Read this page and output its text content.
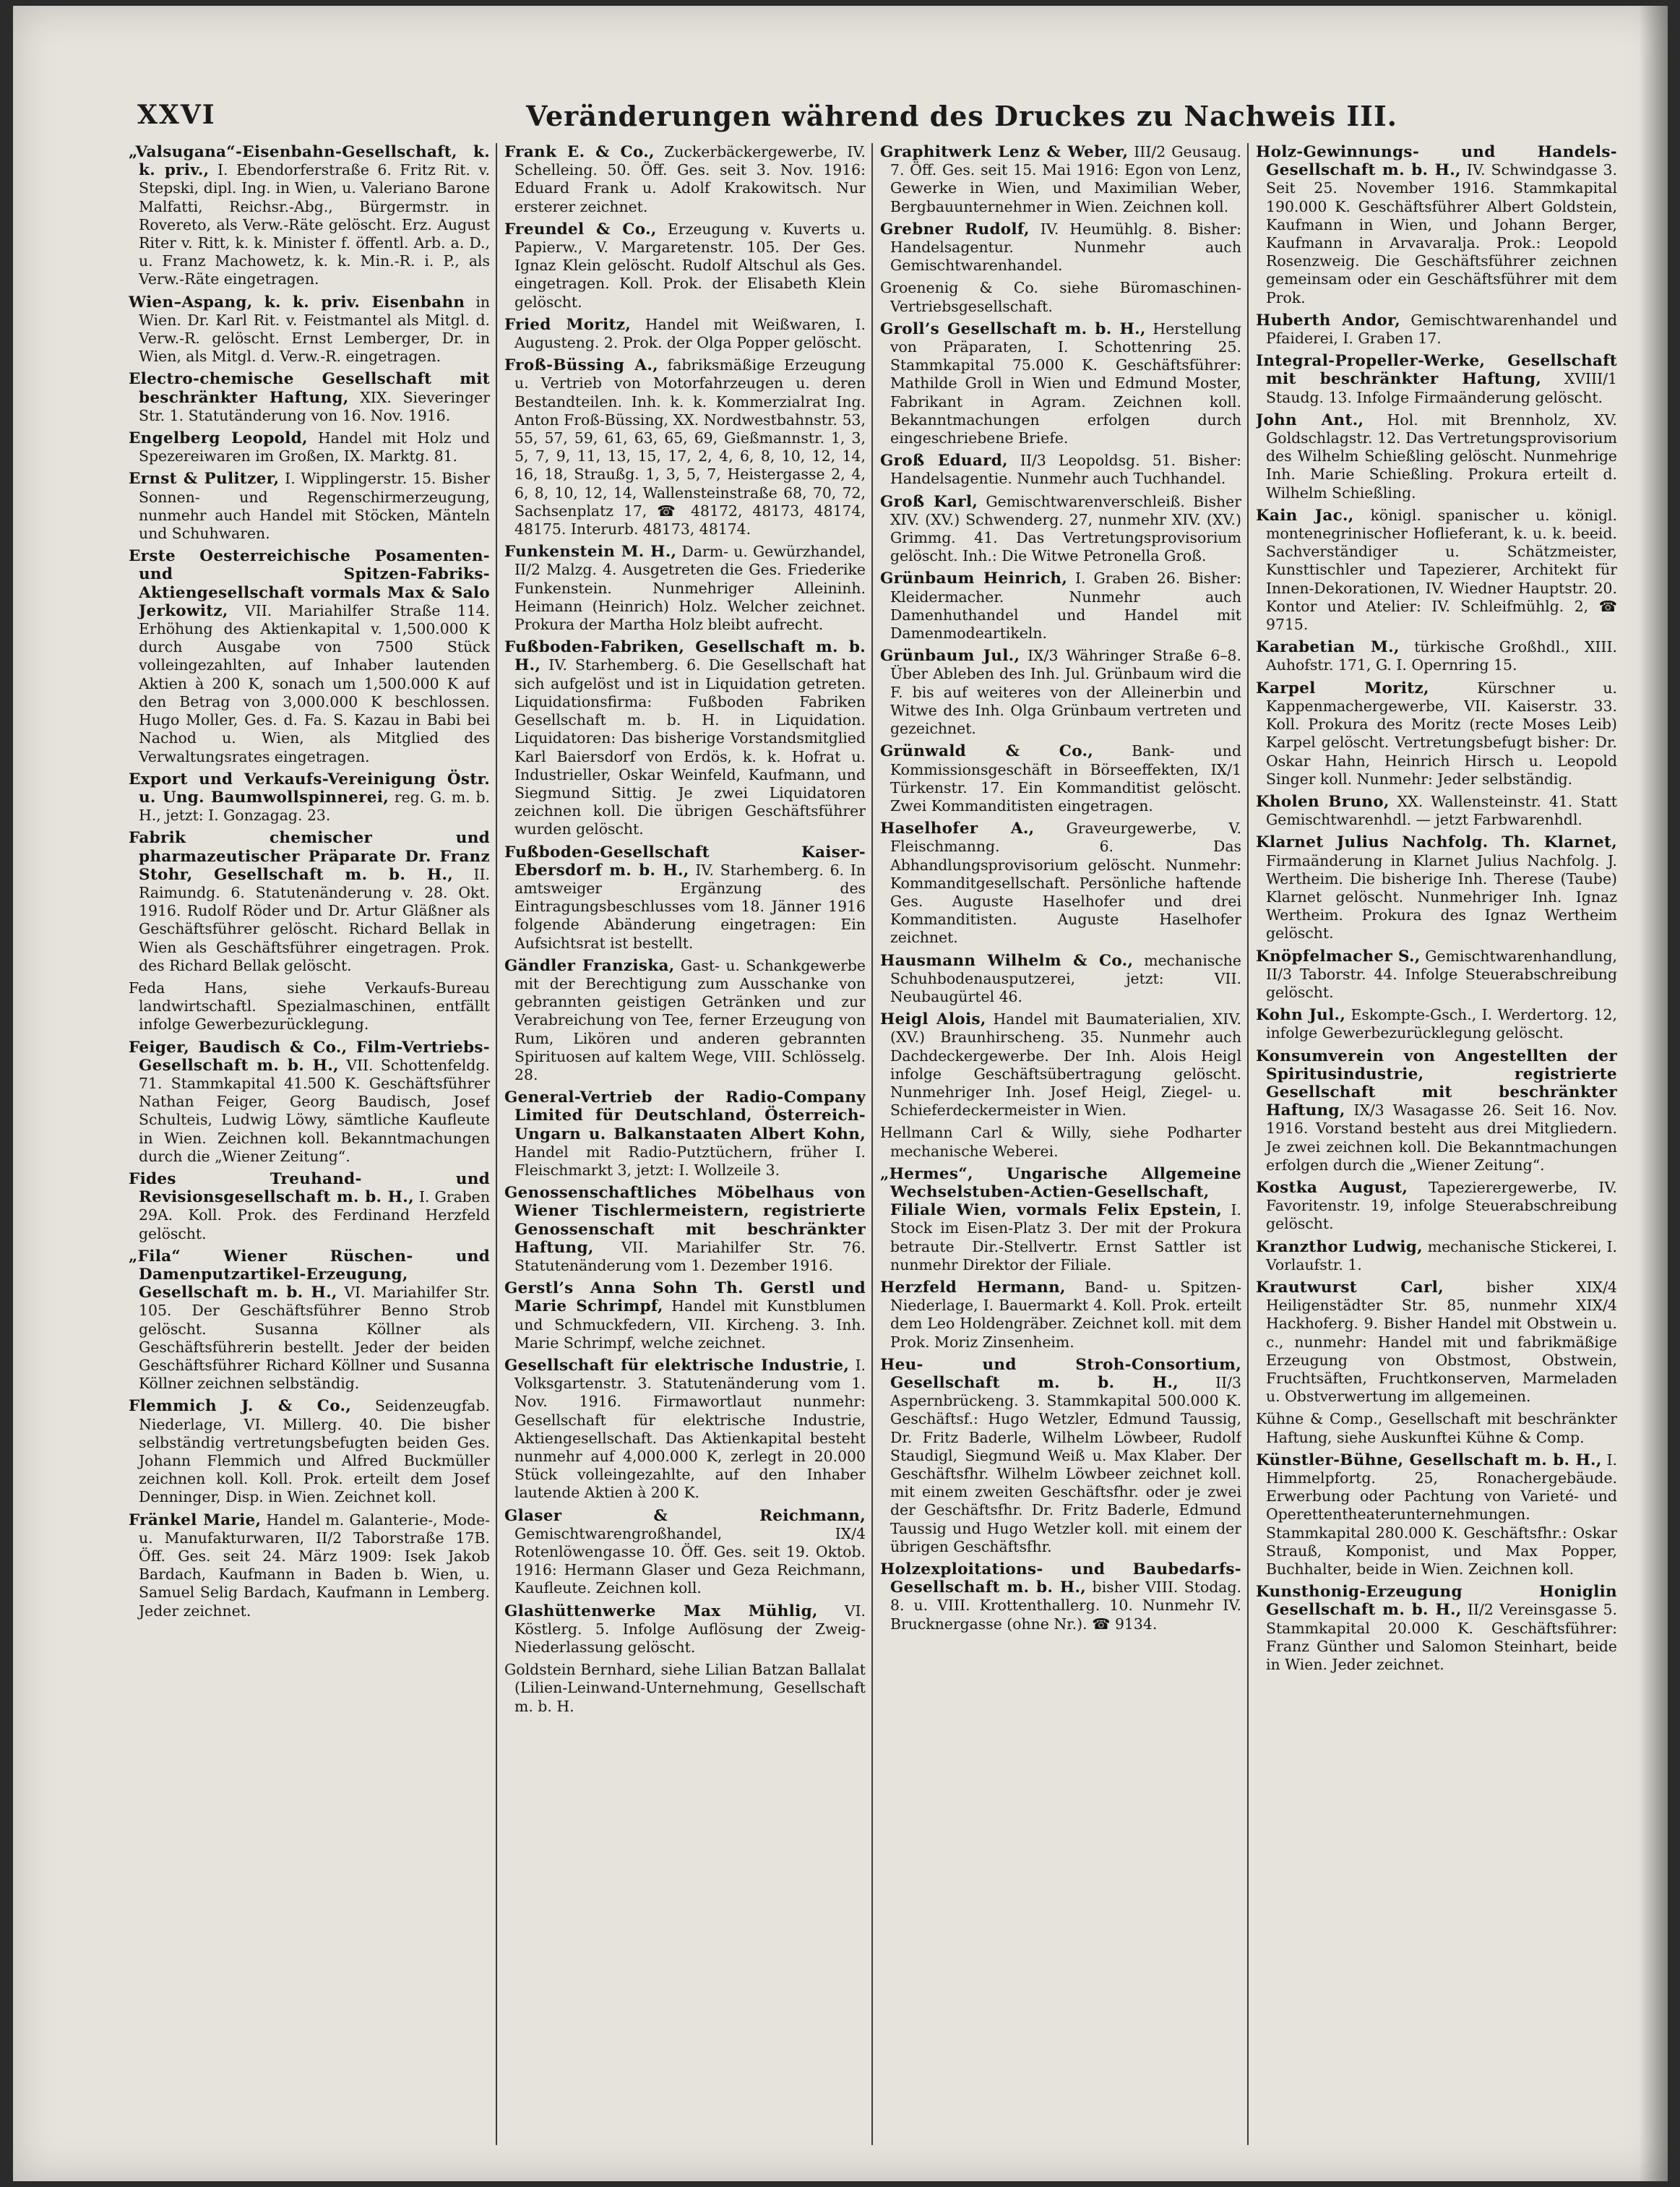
XXVI	Veränderungen während des Druckes zu Nachweis III.

„Valsugana“-Eisenbahn-Gesellschaft, k. k. priv., I. Ebendorferstraße 6. Fritz Rit. v. Stepski, dipl. Ing. in Wien, u. Valeriano Barone Malfatti, Reichsr.-Abg., Bürgermstr. in Rovereto, als Verw.-Räte gelöscht. Erz. August Riter v. Ritt, k. k. Minister f. öffentl. Arb. a. D., u. Franz Machowetz, k. k. Min.-R. i. P., als Verw.-Räte eingetragen.

Wien–Aspang, k. k. priv. Eisenbahn in Wien. Dr. Karl Rit. v. Feistmantel als Mitgl. d. Verw.-R. gelöscht. Ernst Lemberger, Dr. in Wien, als Mitgl. d. Verw.-R. eingetragen.

Electro-chemische Gesellschaft mit beschränkter Haftung, XIX. Sieveringer Str. 1. Statutänderung von 16. Nov. 1916.

Engelberg Leopold, Handel mit Holz und Spezereiwaren im Großen, IX. Marktg. 81.

Ernst & Pulitzer, I. Wipplingerstr. 15. Bisher Sonnen- und Regenschirmerzeugung, nunmehr auch Handel mit Stöcken, Mänteln und Schuhwaren.

Erste Oesterreichische Posamenten- und Spitzen-Fabriks-Aktiengesellschaft vormals Max & Salo Jerkowitz, VII. Mariahilfer Straße 114. Erhöhung des Aktienkapital v. 1,500.000 K durch Ausgabe von 7500 Stück volleingezahlten, auf Inhaber lautenden Aktien à 200 K, sonach um 1,500.000 K auf den Betrag von 3,000.000 K beschlossen. Hugo Moller, Ges. d. Fa. S. Kazau in Babi bei Nachod u. Wien, als Mitglied des Verwaltungsrates eingetragen.

Export und Verkaufs-Vereinigung Östr. u. Ung. Baumwollspinnerei, reg. G. m. b. H., jetzt: I. Gonzagag. 23.

Fabrik chemischer und pharmazeutischer Präparate Dr. Franz Stohr, Gesellschaft m. b. H., II. Raimundg. 6. Statutenänderung v. 28. Okt. 1916. Rudolf Röder und Dr. Artur Gläßner als Geschäftsführer gelöscht. Richard Bellak in Wien als Geschäftsführer eingetragen. Prok. des Richard Bellak gelöscht.

Feda Hans, siehe Verkaufs-Bureau landwirtschaftl. Spezialmaschinen, entfällt infolge Gewerbezurücklegung.

Feiger, Baudisch & Co., Film-Vertriebs-Gesellschaft m. b. H., VII. Schottenfeldg. 71. Stammkapital 41.500 K. Geschäftsführer Nathan Feiger, Georg Baudisch, Josef Schulteis, Ludwig Löwy, sämtliche Kaufleute in Wien. Zeichnen koll. Bekanntmachungen durch die „Wiener Zeitung“.

Fides Treuhand- und Revisionsgesellschaft m. b. H., I. Graben 29A. Koll. Prok. des Ferdinand Herzfeld gelöscht.

„Fila“ Wiener Rüschen- und Damenputzartikel-Erzeugung, Gesellschaft m. b. H., VI. Mariahilfer Str. 105. Der Geschäftsführer Benno Strob gelöscht. Susanna Köllner als Geschäftsführerin bestellt. Jeder der beiden Geschäftsführer Richard Köllner und Susanna Köllner zeichnen selbständig.

Flemmich J. & Co., Seidenzeugfab. Niederlage, VI. Millerg. 40. Die bisher selbständig vertretungsbefugten beiden Ges. Johann Flemmich und Alfred Buckmüller zeichnen koll. Koll. Prok. erteilt dem Josef Denninger, Disp. in Wien. Zeichnet koll.

Fränkel Marie, Handel m. Galanterie-, Mode- u. Manufakturwaren, II/2 Taborstraße 17B. Öff. Ges. seit 24. März 1909: Isek Jakob Bardach, Kaufmann in Baden b. Wien, u. Samuel Selig Bardach, Kaufmann in Lemberg. Jeder zeichnet.

Frank E. & Co., Zuckerbäckergewerbe, IV. Schelleing. 50. Öff. Ges. seit 3. Nov. 1916: Eduard Frank u. Adolf Krakowitsch. Nur ersterer zeichnet.

Freundel & Co., Erzeugung v. Kuverts u. Papierw., V. Margaretenstr. 105. Der Ges. Ignaz Klein gelöscht. Rudolf Altschul als Ges. eingetragen. Koll. Prok. der Elisabeth Klein gelöscht.

Fried Moritz, Handel mit Weißwaren, I. Augusteng. 2. Prok. der Olga Popper gelöscht.

Froß-Büssing A., fabriksmäßige Erzeugung u. Vertrieb von Motorfahrzeugen u. deren Bestandteilen. Inh. k. k. Kommerzialrat Ing. Anton Froß-Büssing, XX. Nordwestbahnstr. 53, 55, 57, 59, 61, 63, 65, 69, Gießmannstr. 1, 3, 5, 7, 9, 11, 13, 15, 17, 2, 4, 6, 8, 10, 12, 14, 16, 18, Straußg. 1, 3, 5, 7, Heistergasse 2, 4, 6, 8, 10, 12, 14, Wallensteinstraße 68, 70, 72, Sachsenplatz 17, ☎ 48172, 48173, 48174, 48175. Interurb. 48173, 48174.

Funkenstein M. H., Darm- u. Gewürzhandel, II/2 Malzg. 4. Ausgetreten die Ges. Friederike Funkenstein. Nunmehriger Alleininh. Heimann (Heinrich) Holz. Welcher zeichnet. Prokura der Martha Holz bleibt aufrecht.

Fußboden-Fabriken, Gesellschaft m. b. H., IV. Starhemberg. 6. Die Gesellschaft hat sich aufgelöst und ist in Liquidation getreten. Liquidationsfirma: Fußboden Fabriken Gesellschaft m. b. H. in Liquidation. Liquidatoren: Das bisherige Vorstandsmitglied Karl Baiersdorf von Erdös, k. k. Hofrat u. Industrieller, Oskar Weinfeld, Kaufmann, und Siegmund Sittig. Je zwei Liquidatoren zeichnen koll. Die übrigen Geschäftsführer wurden gelöscht.

Fußboden-Gesellschaft Kaiser-Ebersdorf m. b. H., IV. Starhemberg. 6. In amtsweiger Ergänzung des Eintragungsbeschlusses vom 18. Jänner 1916 folgende Abänderung eingetragen: Ein Aufsichtsrat ist bestellt.

Gändler Franziska, Gast- u. Schankgewerbe mit der Berechtigung zum Ausschanke von gebrannten geistigen Getränken und zur Verabreichung von Tee, ferner Erzeugung von Rum, Likören und anderen gebrannten Spirituosen auf kaltem Wege, VIII. Schlösselg. 28.

General-Vertrieb der Radio-Company Limited für Deutschland, Österreich-Ungarn u. Balkanstaaten Albert Kohn, Handel mit Radio-Putztüchern, früher I. Fleischmarkt 3, jetzt: I. Wollzeile 3.

Genossenschaftliches Möbelhaus von Wiener Tischlermeistern, registrierte Genossenschaft mit beschränkter Haftung, VII. Mariahilfer Str. 76. Statutenänderung vom 1. Dezember 1916.

Gerstl’s Anna Sohn Th. Gerstl und Marie Schrimpf, Handel mit Kunstblumen und Schmuckfedern, VII. Kircheng. 3. Inh. Marie Schrimpf, welche zeichnet.

Gesellschaft für elektrische Industrie, I. Volksgartenstr. 3. Statutenänderung vom 1. Nov. 1916. Firmawortlaut nunmehr: Gesellschaft für elektrische Industrie, Aktiengesellschaft. Das Aktienkapital besteht nunmehr auf 4,000.000 K, zerlegt in 20.000 Stück volleingezahlte, auf den Inhaber lautende Aktien à 200 K.

Glaser & Reichmann, Gemischtwarengroßhandel, IX/4 Rotenlöwengasse 10. Öff. Ges. seit 19. Oktob. 1916: Hermann Glaser und Geza Reichmann, Kaufleute. Zeichnen koll.

Glashüttenwerke Max Mühlig, VI. Köstlerg. 5. Infolge Auflösung der Zweig-Niederlassung gelöscht.

Goldstein Bernhard, siehe Lilian Batzan Ballalat (Lilien-Leinwand-Unternehmung, Gesellschaft m. b. H.

Graphitwerk Lenz & Weber, III/2 Geusaug. 7. Öff. Ges. seit 15. Mai 1916: Egon von Lenz, Gewerke in Wien, und Maximilian Weber, Bergbauunternehmer in Wien. Zeichnen koll.

Grebner Rudolf, IV. Heumühlg. 8. Bisher: Handelsagentur. Nunmehr auch Gemischtwarenhandel.

Groenenig & Co. siehe Büromaschinen-Vertriebsgesellschaft.

Groll’s Gesellschaft m. b. H., Herstellung von Präparaten, I. Schottenring 25. Stammkapital 75.000 K. Geschäftsführer: Mathilde Groll in Wien und Edmund Moster, Fabrikant in Agram. Zeichnen koll. Bekanntmachungen erfolgen durch eingeschriebene Briefe.

Groß Eduard, II/3 Leopoldsg. 51. Bisher: Handelsagentie. Nunmehr auch Tuchhandel.

Groß Karl, Gemischtwarenverschleiß. Bisher XIV. (XV.) Schwenderg. 27, nunmehr XIV. (XV.) Grimmg. 41. Das Vertretungsprovisorium gelöscht. Inh.: Die Witwe Petronella Groß.

Grünbaum Heinrich, I. Graben 26. Bisher: Kleidermacher. Nunmehr auch Damenhuthandel und Handel mit Damenmodeartikeln.

Grünbaum Jul., IX/3 Währinger Straße 6–8. Über Ableben des Inh. Jul. Grünbaum wird die F. bis auf weiteres von der Alleinerbin und Witwe des Inh. Olga Grünbaum vertreten und gezeichnet.

Grünwald & Co.,	Bank- und Kommissionsgeschäft in Börseeffekten, IX/1 Türkenstr. 17. Ein Kommanditist gelöscht. Zwei Kommanditisten eingetragen.

Haselhofer A., Graveurgewerbe, V. Fleischmanng. 6. Das Abhandlungsprovisorium gelöscht. Nunmehr: Kommanditgesellschaft. Persönliche haftende Ges. Auguste Haselhofer und drei Kommanditisten. Auguste Haselhofer zeichnet.

Hausmann Wilhelm & Co., mechanische Schuhbodenausputzerei, jetzt: VII. Neubaugürtel 46.

Heigl Alois, Handel mit Baumaterialien, XIV. (XV.) Braunhirscheng. 35. Nunmehr auch Dachdeckergewerbe. Der Inh. Alois Heigl infolge Geschäftsübertragung gelöscht. Nunmehriger Inh. Josef Heigl, Ziegel- u. Schieferdeckermeister in Wien.

Hellmann Carl & Willy, siehe Podharter mechanische Weberei.

„Hermes“, Ungarische Allgemeine Wechselstuben-Actien-Gesellschaft, Filiale Wien, vormals Felix Epstein, I. Stock im Eisen-Platz 3. Der mit der Prokura betraute Dir.-Stellvertr. Ernst Sattler ist nunmehr Direktor der Filiale.

Herzfeld Hermann, Band- u. Spitzen-Niederlage, I. Bauermarkt 4. Koll. Prok. erteilt dem Leo Holdengräber. Zeichnet koll. mit dem Prok. Moriz Zinsenheim.

Heu- und Stroh-Consortium, Gesellschaft m. b. H.,	II/3 Aspernbrückeng. 3. Stammkapital 500.000 K. Geschäftsf.: Hugo Wetzler, Edmund Taussig, Dr. Fritz Baderle, Wilhelm Löwbeer, Rudolf Staudigl, Siegmund Weiß u. Max Klaber. Der Geschäftsfhr. Wilhelm Löwbeer zeichnet koll. mit einem zweiten Geschäftsfhr. oder je zwei der Geschäftsfhr. Dr. Fritz Baderle, Edmund Taussig und Hugo Wetzler koll. mit einem der übrigen Geschäftsfhr.

Holzexploitations- und Baubedarfs-Gesellschaft m. b. H., bisher VIII. Stodag. 8. u. VIII. Krottenthallerg. 10. Nunmehr IV. Brucknergasse (ohne Nr.). ☎ 9134.

Holz-Gewinnungs- und Handels-Gesellschaft m. b. H., IV. Schwindgasse 3. Seit 25. November 1916. Stammkapital 190.000 K. Geschäftsführer Albert Goldstein, Kaufmann in Wien, und Johann Berger, Kaufmann in Arvavaralja. Prok.: Leopold Rosenzweig. Die Geschäftsführer zeichnen gemeinsam oder ein Geschäftsführer mit dem Prok.

Huberth Andor, Gemischtwarenhandel und Pfaiderei, I. Graben 17.

Integral-Propeller-Werke, Gesellschaft mit beschränkter Haftung, XVIII/1 Staudg. 13. Infolge Firmaänderung gelöscht.

John Ant., Hol. mit Brennholz, XV. Goldschlagstr. 12. Das Vertretungsprovisorium des Wilhelm Schießling gelöscht. Nunmehrige Inh. Marie Schießling. Prokura erteilt d. Wilhelm Schießling.

Kain Jac., königl. spanischer u. königl. montenegrinischer Hoflieferant, k. u. k. beeid. Sachverständiger u. Schätzmeister, Kunsttischler und Tapezierer, Architekt für Innen-Dekorationen, IV. Wiedner Hauptstr. 20. Kontor und Atelier: IV. Schleifmühlg. 2, ☎ 9715.

Karabetian M., türkische Großhdl., XIII. Auhofstr. 171, G. I. Opernring 15.

Karpel Moritz,	Kürschner u. Kappenmachergewerbe, VII. Kaiserstr. 33. Koll. Prokura des Moritz (recte Moses Leib) Karpel gelöscht. Vertretungsbefugt bisher: Dr. Oskar Hahn, Heinrich Hirsch u. Leopold Singer koll. Nunmehr: Jeder selbständig.

Kholen Bruno, XX. Wallensteinstr. 41. Statt Gemischtwarenhdl. — jetzt Farbwarenhdl.

Klarnet Julius Nachfolg. Th. Klarnet, Firmaänderung in Klarnet Julius Nachfolg. J. Wertheim. Die bisherige Inh. Therese (Taube) Klarnet gelöscht. Nunmehriger Inh. Ignaz Wertheim. Prokura des Ignaz Wertheim gelöscht.

Knöpfelmacher S., Gemischtwarenhandlung, II/3 Taborstr. 44. Infolge Steuerabschreibung gelöscht.

Kohn Jul., Eskompte-Gsch., I. Werdertorg. 12, infolge Gewerbezurücklegung gelöscht.

Konsumverein von Angestellten der Spiritusindustrie, registrierte Gesellschaft mit beschränkter Haftung, IX/3 Wasagasse 26. Seit 16. Nov. 1916. Vorstand besteht aus drei Mitgliedern. Je zwei zeichnen koll. Die Bekanntmachungen erfolgen durch die „Wiener Zeitung“.

Kostka August, Tapezierergewerbe, IV. Favoritenstr. 19, infolge Steuerabschreibung gelöscht.

Kranzthor Ludwig, mechanische Stickerei, I. Vorlaufstr. 1.

Krautwurst Carl,	bisher XIX/4 Heiligenstädter Str. 85, nunmehr XIX/4 Hackhoferg. 9. Bisher Handel mit Obstwein u. c., nunmehr: Handel mit und fabrikmäßige Erzeugung von Obstmost, Obstwein, Fruchtsäften, Fruchtkonserven, Marmeladen u. Obstverwertung im allgemeinen.

Kühne & Comp., Gesellschaft mit beschränkter Haftung, siehe Auskunftei Kühne & Comp.

Künstler-Bühne, Gesellschaft m. b. H., I. Himmelpfortg. 25, Ronachergebäude. Erwerbung oder Pachtung von Varieté- und Operettentheaterunternehmungen. Stammkapital 280.000 K. Geschäftsfhr.: Oskar Strauß, Komponist, und Max Popper, Buchhalter, beide in Wien. Zeichnen koll.

Kunsthonig-Erzeugung Honiglin Gesellschaft m. b. H., II/2 Vereinsgasse 5. Stammkapital 20.000 K. Geschäftsführer: Franz Günther und Salomon Steinhart, beide in Wien. Jeder zeichnet.
